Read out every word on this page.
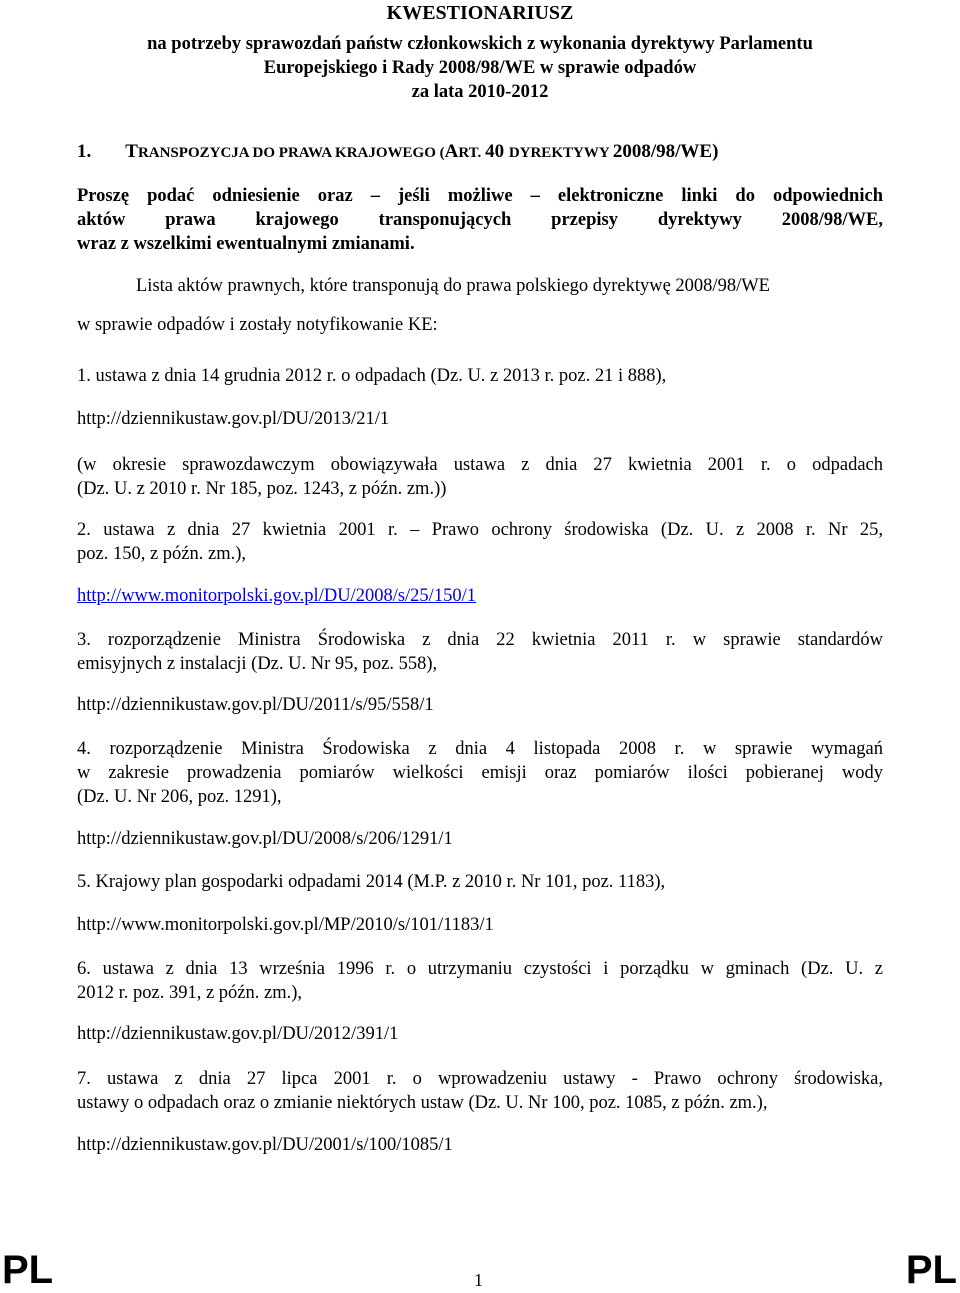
KWESTIONARIUSZ
na potrzeby sprawozdań państw członkowskich z wykonania dyrektywy Parlamentu
Europejskiego i Rady 2008/98/WE w sprawie odpadów
za lata 2010-2012
1. TRANSPOZYCJA DO PRAWA KRAJOWEGO (ART. 40 DYREKTYWY 2008/98/WE)
Proszę podać odniesienie oraz – jeśli możliwe – elektroniczne linki do odpowiednich
aktów prawa krajowego transponujących przepisy dyrektywy 2008/98/WE,
wraz z wszelkimi ewentualnymi zmianami.
Lista aktów prawnych, które transponują do prawa polskiego dyrektywę 2008/98/WE
w sprawie odpadów i zostały notyfikowanie KE:
1. ustawa z dnia 14 grudnia 2012 r. o odpadach (Dz. U. z 2013 r. poz. 21 i 888),
http://dziennikustaw.gov.pl/DU/2013/21/1
(w okresie sprawozdawczym obowiązywała ustawa z dnia 27 kwietnia 2001 r. o odpadach
(Dz. U. z 2010 r. Nr 185, poz. 1243, z późn. zm.))
2. ustawa z dnia 27 kwietnia 2001 r. – Prawo ochrony środowiska (Dz. U. z 2008 r. Nr 25,
poz. 150, z późn. zm.),
http://www.monitorpolski.gov.pl/DU/2008/s/25/150/1
3. rozporządzenie Ministra Środowiska z dnia 22 kwietnia 2011 r. w sprawie standardów
emisyjnych z instalacji (Dz. U. Nr 95, poz. 558),
http://dziennikustaw.gov.pl/DU/2011/s/95/558/1
4. rozporządzenie Ministra Środowiska z dnia 4 listopada 2008 r. w sprawie wymagań
w zakresie prowadzenia pomiarów wielkości emisji oraz pomiarów ilości pobieranej wody
(Dz. U. Nr 206, poz. 1291),
http://dziennikustaw.gov.pl/DU/2008/s/206/1291/1
5. Krajowy plan gospodarki odpadami 2014 (M.P. z 2010 r. Nr 101, poz. 1183),
http://www.monitorpolski.gov.pl/MP/2010/s/101/1183/1
6. ustawa z dnia 13 września 1996 r. o utrzymaniu czystości i porządku w gminach (Dz. U. z
2012 r. poz. 391, z późn. zm.),
http://dziennikustaw.gov.pl/DU/2012/391/1
7. ustawa z dnia 27 lipca 2001 r. o wprowadzeniu ustawy - Prawo ochrony środowiska,
ustawy o odpadach oraz o zmianie niektórych ustaw (Dz. U. Nr 100, poz. 1085, z późn. zm.),
http://dziennikustaw.gov.pl/DU/2001/s/100/1085/1
PL	1	PL
